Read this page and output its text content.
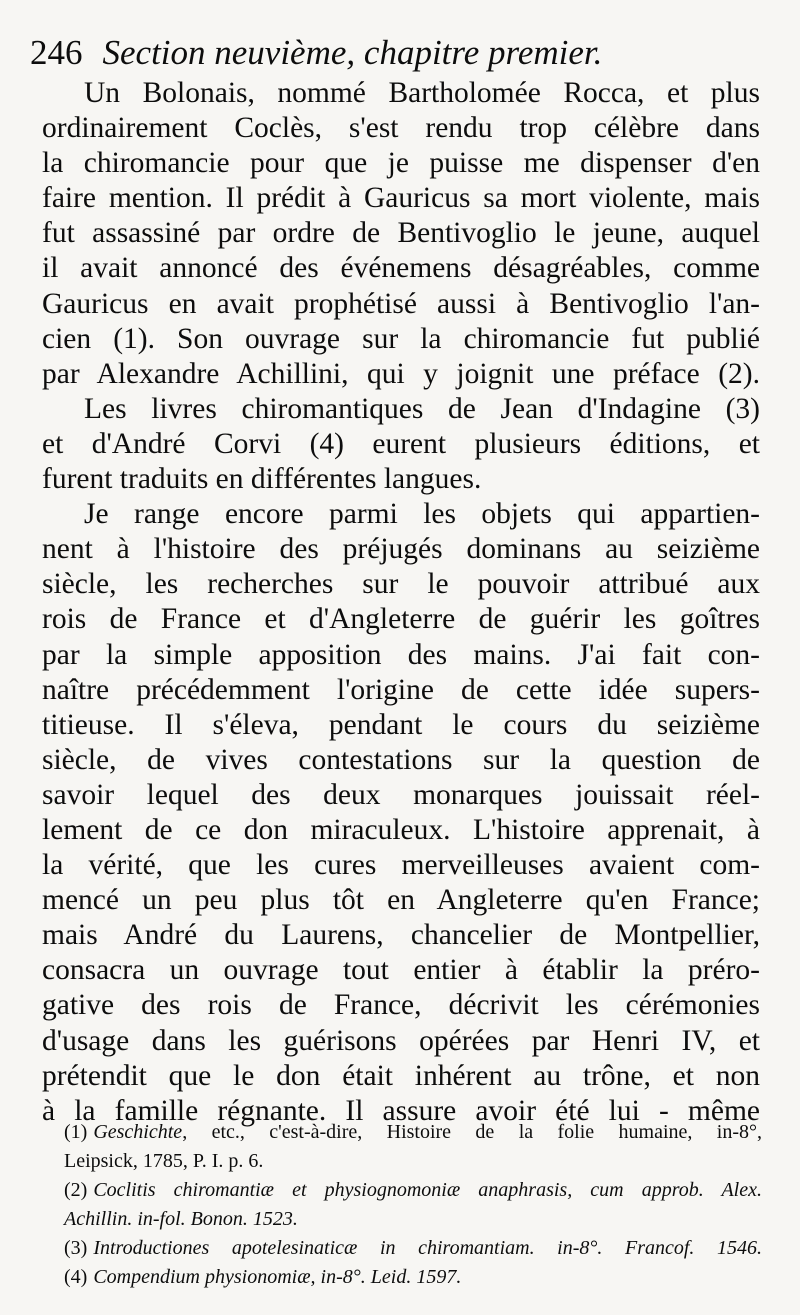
246 Section neuvième, chapitre premier.
Un Bolonais, nommé Bartholomée Rocca, et plus
ordinairement Coclès, s'est rendu trop célèbre dans
la chiromancie pour que je puisse me dispenser d'en
faire mention. Il prédit à Gauricus sa mort violente, mais
fut assassiné par ordre de Bentivoglio le jeune, auquel
il avait annoncé des événemens désagréables, comme
Gauricus en avait prophétisé aussi à Bentivoglio l'an-
cien (1). Son ouvrage sur la chiromancie fut publié
par Alexandre Achillini, qui y joignit une préface (2).
Les livres chiromantiques de Jean d'Indagine (3)
et d'André Corvi (4) eurent plusieurs éditions, et
furent traduits en différentes langues.
Je range encore parmi les objets qui appartien-
nent à l'histoire des préjugés dominans au seizième
siècle, les recherches sur le pouvoir attribué aux
rois de France et d'Angleterre de guérir les goîtres
par la simple apposition des mains. J'ai fait con-
naître précédemment l'origine de cette idée supers-
titieuse. Il s'éleva, pendant le cours du seizième
siècle, de vives contestations sur la question de
savoir lequel des deux monarques jouissait réel-
lement de ce don miraculeux. L'histoire apprenait, à
la vérité, que les cures merveilleuses avaient com-
mencé un peu plus tôt en Angleterre qu'en France;
mais André du Laurens, chancelier de Montpellier,
consacra un ouvrage tout entier à établir la préro-
gative des rois de France, décrivit les cérémonies
d'usage dans les guérisons opérées par Henri IV, et
prétendit que le don était inhérent au trône, et non
à la famille régnante. Il assure avoir été lui - même
(1) Geschichte, etc., c'est-à-dire, Histoire de la folie humaine, in-8°,
Leipsick, 1785, P. I. p. 6.
(2) Coclitis chiromantiæ et physiognomoniæ anaphrasis, cum approb. Alex.
Achillin. in-fol. Bonon. 1523.
(3) Introductiones apotelesinaticæ in chiromantiam. in-8°. Francof. 1546.
(4) Compendium physionomiæ, in-8°. Leid. 1597.
